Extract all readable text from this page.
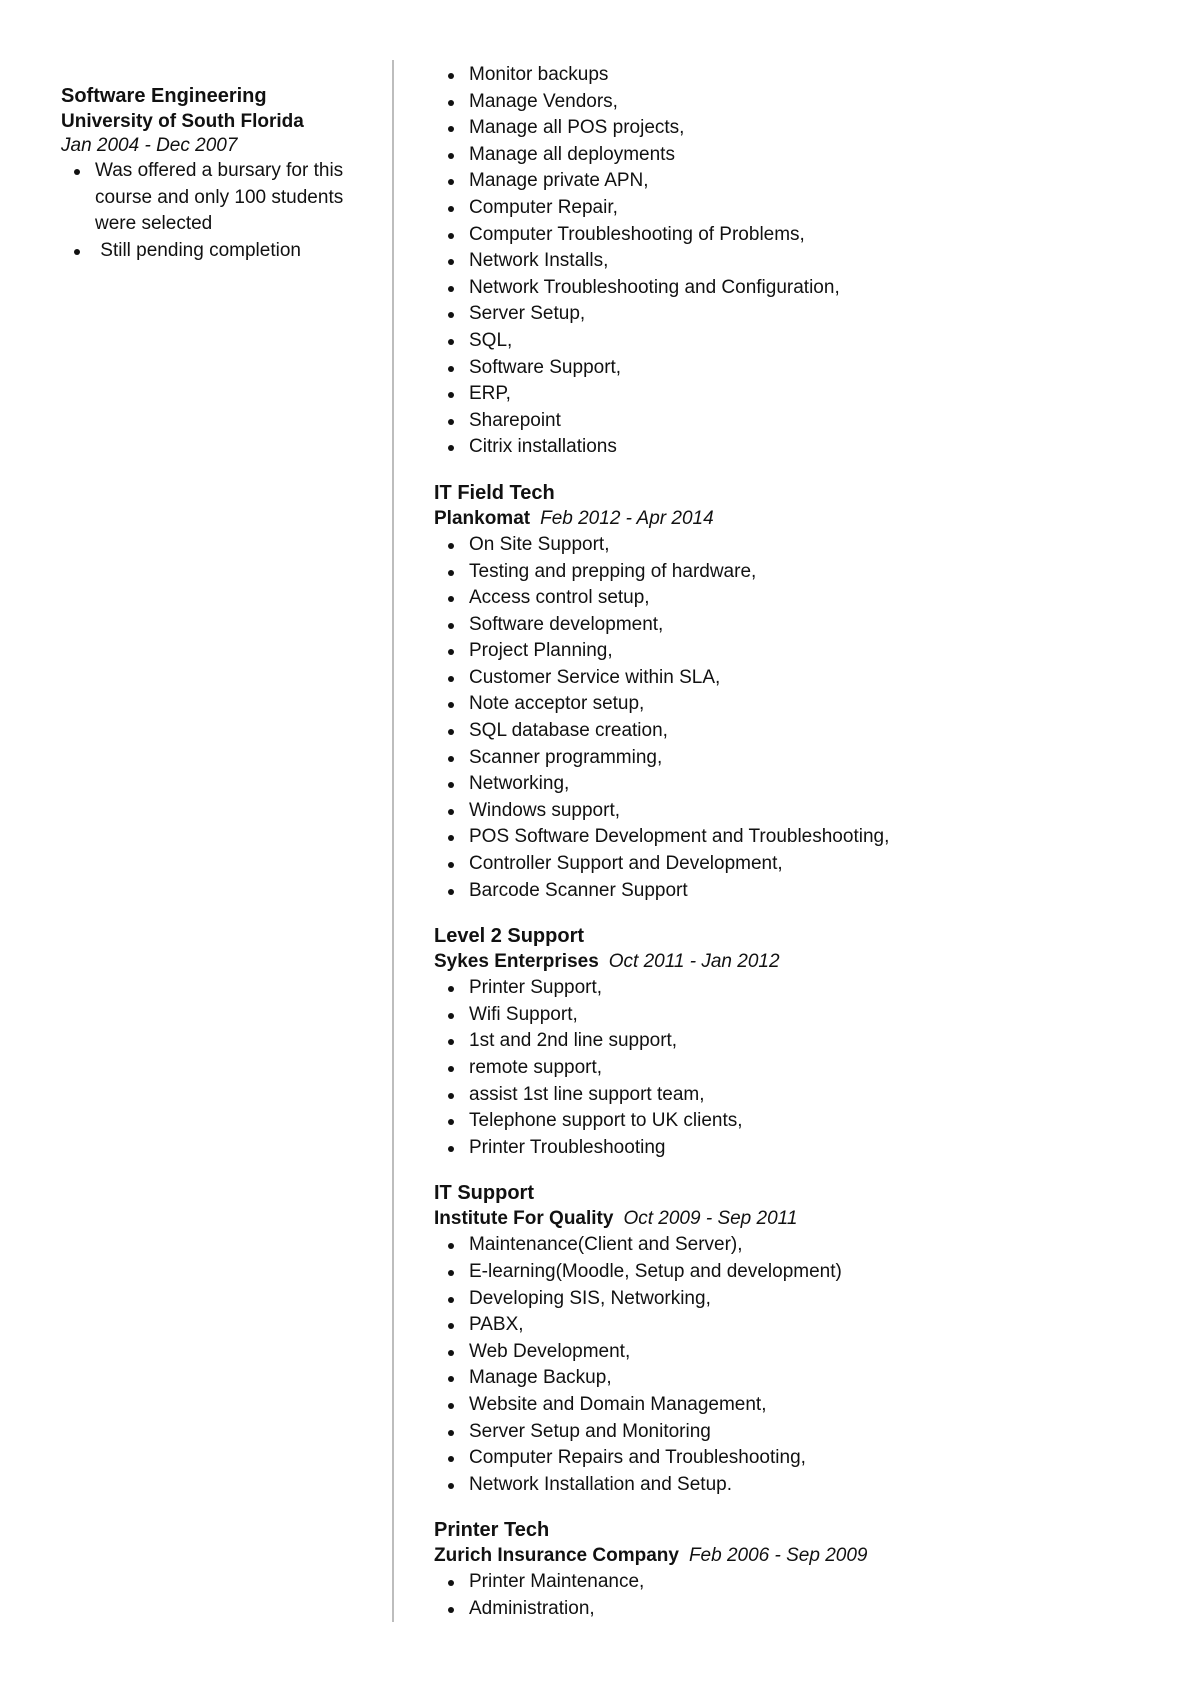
Software Engineering
University of South Florida
Jan 2004 - Dec 2007
Was offered a bursary for this course and only 100 students were selected
Still pending completion
Monitor backups
Manage Vendors,
Manage all POS projects,
Manage all deployments
Manage private APN,
Computer Repair,
Computer Troubleshooting of Problems,
Network Installs,
Network Troubleshooting and Configuration,
Server Setup,
SQL,
Software Support,
ERP,
Sharepoint
Citrix installations
IT Field Tech
Plankomat Feb 2012 - Apr 2014
On Site Support,
Testing and prepping of hardware,
Access control setup,
Software development,
Project Planning,
Customer Service within SLA,
Note acceptor setup,
SQL database creation,
Scanner programming,
Networking,
Windows support,
POS Software Development and Troubleshooting,
Controller Support and Development,
Barcode Scanner Support
Level 2 Support
Sykes Enterprises Oct 2011 - Jan 2012
Printer Support,
Wifi Support,
1st and 2nd line support,
remote support,
assist 1st line support team,
Telephone support to UK clients,
Printer Troubleshooting
IT Support
Institute For Quality Oct 2009 - Sep 2011
Maintenance(Client and Server),
E-learning(Moodle, Setup and development)
Developing SIS, Networking,
PABX,
Web Development,
Manage Backup,
Website and Domain Management,
Server Setup and Monitoring
Computer Repairs and Troubleshooting,
Network Installation and Setup.
Printer Tech
Zurich Insurance Company Feb 2006 - Sep 2009
Printer Maintenance,
Administration,
